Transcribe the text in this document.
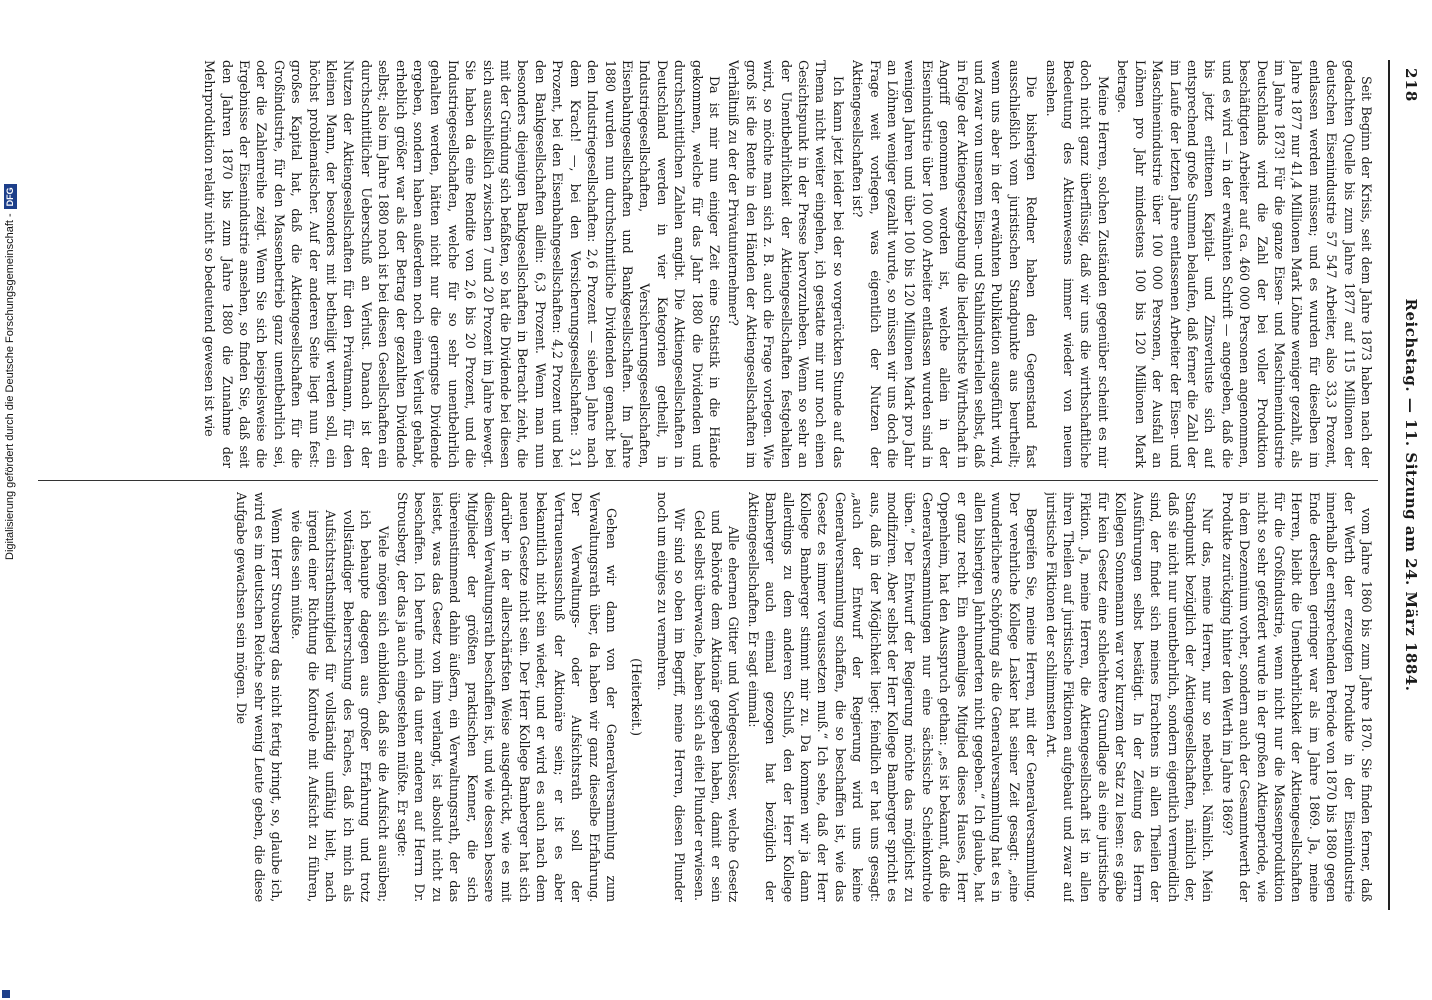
218
Reichstag. — 11. Sitzung am 24. März 1884.

Seit Beginn der Krisis, seit dem Jahre 1873 haben nach der gedachten Quelle bis zum Jahre 1877 auf 115 Millionen der deutschen Eisenindustrie 57 547 Arbeiter, also 33,3 Prozent, entlassen werden müssen; und es wurden für dieselben im Jahre 1877 nur 41,4 Millionen Mark Löhne weniger gezahlt, als im Jahre 1873! Für die ganze Eisen- und Maschinenindustrie Deutschlands wird die Zahl der bei voller Produktion beschäftigten Arbeiter auf ca. 460 000 Personen angenommen, und es wird — in der erwähnten Schrift — angegeben, daß die bis jetzt erlittenen Kapital- und Zinsverluste sich auf entsprechend große Summen belaufen, daß ferner die Zahl der im Laufe der letzten Jahre entlassenen Arbeiter der Eisen- und Maschinenindustrie über 100 000 Personen, der Ausfall an Löhnen pro Jahr mindestens 100 bis 120 Millionen Mark betrage.

Meine Herren, solchen Zuständen gegenüber scheint es mir doch nicht ganz überflüssig, daß wir uns die wirthschaftliche Bedeutung des Aktienwesens immer wieder von neuem ansehen.

Die bisherigen Redner haben den Gegenstand fast ausschließlich vom juristischen Standpunkte aus beurtheilt; wenn uns aber in der erwähnten Publikation ausgeführt wird, und zwar von unserem Eisen- und Stahlindustriellen selbst, daß in Folge der Aktiengesetzgebung die liederlichste Wirthschaft in Angriff genommen worden ist, welche allein in der Eisenindustrie über 100 000 Arbeiter entlassen wurden sind in wenigen Jahren und über 100 bis 120 Millionen Mark pro Jahr an Löhnen weniger gezahlt wurde, so müssen wir uns doch die Frage weit vorlegen, was eigentlich der Nutzen der Aktiengesellschaften ist?

Ich kann jetzt leider bei der so vorgerückten Stunde auf das Thema nicht weiter eingehen, ich gestatte mir nur noch einen Gesichtspunkt in der Presse hervorzuheben. Wenn so sehr an der Unentbehrlichkeit der Aktiengesellschaften festgehalten wird, so möchte man sich z. B. auch die Frage vorlegen. Wie groß ist die Rente in den Händen der Aktiengesellschaften im Verhältniß zu der der Privatunternehmer?

Da ist mir nun einiger Zeit eine Statistik in die Hände gekommen, welche für das Jahr 1880 die Dividenden und durchschnittlichen Zahlen angibt. Die Aktiengesellschaften in Deutschland werden in vier Kategorien getheilt, in Industriegesellschaften, Versicherungsgesellschaften, Eisenbahngesellschaften und Bankgesellschaften. Im Jahre 1880 wurden nun durchschnittliche Dividenden gemacht bei den Industriegesellschaften: 2,6 Prozent — sieben Jahre nach dem Krach! —, bei den Versicherungsgesellschaften: 3,1 Prozent, bei den Eisenbahngesellschaften: 4,2 Prozent und bei den Bankgesellschaften allein: 6,3 Prozent. Wenn man nun besonders diejenigen Bankgesellschaften in Betracht zieht, die mit der Gründung sich befaßten, so hat die Dividende bei diesen sich ausschließlich zwischen 7 und 20 Prozent im Jahre bewegt. Sie haben da eine Rendite von 2,6 bis 20 Prozent, und die Industriegesellschaften, welche für so sehr unentbehrlich gehalten werden, hätten nicht nur die geringste Dividende ergeben, sondern haben außerdem noch einen Verlust gehabt, erheblich größer war als der Betrag der gezahlten Dividende selbst; also im Jahre 1880 noch ist bei diesen Gesellschaften ein durchschnittlicher Ueberschuß an Verlust. Danach ist der Nutzen der Aktiengesellschaften für den Privatmann, für den kleinen Mann, der besonders mit betheiligt werden soll, ein höchst problematischer. Auf der anderen Seite liegt nun fest: großes Kapital hat, daß die Aktiengesellschaften für die Großindustrie, für den Massenbetrieb ganz unentbehrlich sei, oder die Zahlenreihe zeigt. Wenn Sie sich beispielsweise die Ergebnisse der Eisenindustrie ansehen, so finden Sie, daß seit den Jahren 1870 bis zum Jahre 1880 die Zunahme der Mehrproduktion relativ nicht so bedeutend gewesen ist wie

vom Jahre 1860 bis zum Jahre 1870. Sie finden ferner, daß der Werth der erzeugten Produkte in der Eisenindustrie innerhalb der entsprechenden Periode von 1870 bis 1880 gegen Ende derselben geringer war als im Jahre 1869. Ja, meine Herren, bleibt die Unentbehrlichkeit der Aktiengesellschaften für die Großindustrie, wenn nicht nur die Massenproduktion nicht so sehr gefördert wurde in der großen Aktienperiode, wie in dem Dezennium vorher, sondern auch der Gesammtwerth der Produkte zurückging hinter den Werth im Jahre 1869?

Nur das, meine Herren, nur so nebenbei. Nämlich. Mein Standpunkt bezüglich der Aktiengesellschaften, nämlich der, daß sie nicht nur unentbehrlich, sondern eigentlich vermeidlich sind, der findet sich meines Erachtens in allen Theilen der Ausführungen selbst bestätigt. In der Zeitung des Herrn Kollegen Sonnemann war vor kurzem der Satz zu lesen: es gäbe für kein Gesetz eine schlechtere Grundlage als eine juristische Fiktion. Ja, meine Herren, die Aktiengesellschaft ist in allen ihren Theilen auf juristische Fiktionen aufgebaut und zwar auf juristische Fiktionen der schlimmsten Art.

Begreifen Sie, meine Herren, mit der Generalversammlung. Der verehrliche Kollege Lasker hat seiner Zeit gesagt: „eine wunderlichere Schöpfung als die Generalversammlung hat es in allen bisherigen Jahrhunderten nicht gegeben.“ Ich glaube, hat er ganz recht. Ein ehemaliges Mitglied dieses Hauses, Herr Oppenheim, hat den Ausspruch gethan: „es ist bekannt, daß die Generalversammlungen nur eine sächsische Scheinkontrole üben.“ Der Entwurf der Regierung möchte das möglichst zu modifiziren. Aber selbst der Herr Kollege Bamberger spricht es aus, daß in der Möglichkeit liegt: feindlich er hat uns gesagt: „auch der Entwurf der Regierung wird uns keine Generalversammlung schaffen, die so beschaffen ist, wie das Gesetz es immer voraussetzen muß.“ Ich sehe, daß der Herr Kollege Bamberger stimmt mir zu. Da kommen wir ja dann allerdings zu dem anderen Schluß, den der Herr Kollege Bamberger auch einmal gezogen hat bezüglich der Aktiengesellschaften. Er sagt einmal:

Alle ehernen Gitter und Vorlegeschlösser, welche Gesetz und Behörde dem Aktionär gegeben haben, damit er sein Geld selbst überwache, haben sich als eitel Plunder erwiesen.

Wir sind so oben im Begriff, meine Herren, diesen Plunder noch um einiges zu vermehren.

(Heiterkeit.)

Gehen wir dann von der Generalversammlung zum Verwaltungsrath über, da haben wir ganz dieselbe Erfahrung. Der Verwaltungs- oder Aufsichtsrath soll der Vertrauensausschuß der Aktionäre sein; er ist es aber bekanntlich nicht sein wieder, und er wird es auch nach dem neuen Gesetze nicht sein. Der Herr Kollege Bamberger hat sich darüber in der allerschärfsten Weise ausgedrückt, wie es mit diesem Verwaltungsrath beschaffen ist, und wie dessen bessere Mitglieder der größten praktischen Kenner, die sich übereinstimmend dahin äußern, ein Verwaltungsrath, der das leistet, was das Gesetz von ihm verlangt, ist absolut nicht zu beschaffen. Ich berufe mich da unter anderen auf Herrn Dr. Strousberg, der das ja auch eingestehen müßte. Er sagte:

Viele mögen sich einbilden, daß sie die Aufsicht ausüben; ich behaupte dagegen aus großer Erfahrung und trotz vollständiger Beherrschung des Faches, daß ich mich als Aufsichtsrathsmitglied für vollständig unfähig hielt, nach irgend einer Richtung die Kontrole mit Aufsicht zu führen, wie dies sein müßte.

Wenn Herr Strousberg das nicht fertig bringt, so, glaube ich, wird es im deutschen Reiche sehr wenig Leute geben, die diese Aufgabe gewachsen sein mögen. Die

Digitalisierung gefördert durch die Deutsche Forschungsgemeinschaft -DFG
